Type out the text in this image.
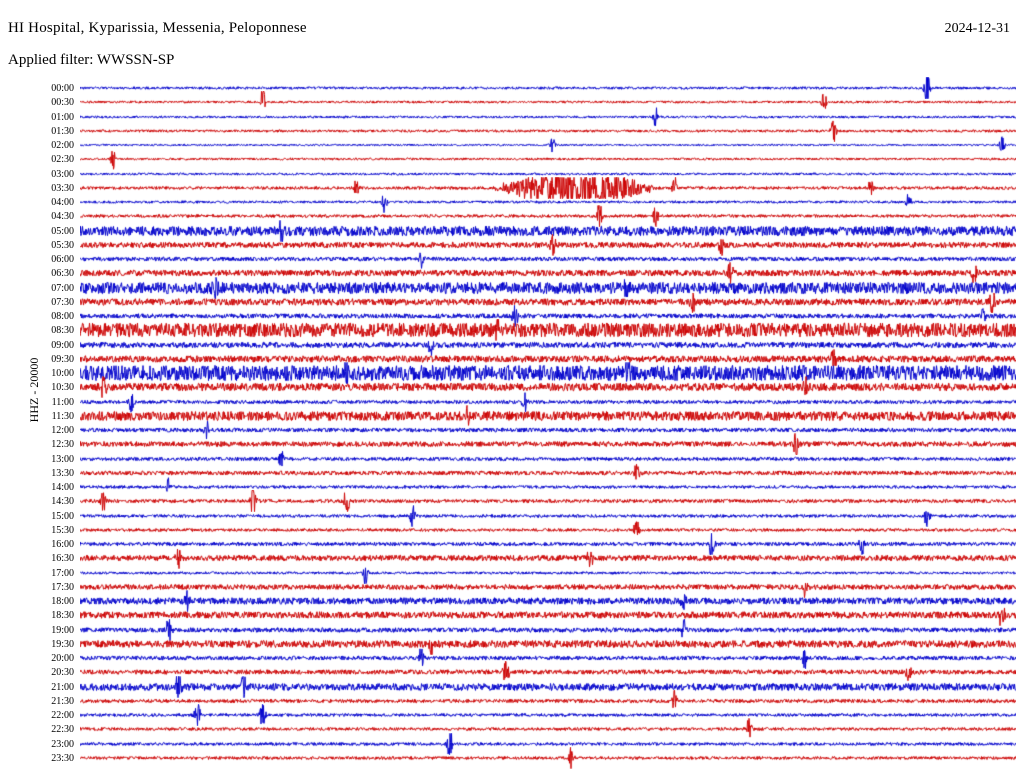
HI Hospital, Kyparissia, Messenia, Peloponnese	2024-12-31
Applied filter: WWSSN-SP
HHZ - 20000
00:00
00:30
01:00
01:30
02:00
02:30
03:00
03:30
04:00
04:30
05:00
05:30
06:00
06:30
07:00
07:30
08:00
08:30
09:00
09:30
10:00
10:30
11:00
11:30
12:00
12:30
13:00
13:30
14:00
14:30
15:00
15:30
16:00
16:30
17:00
17:30
18:00
18:30
19:00
19:30
20:00
20:30
21:00
21:30
22:00
22:30
23:00
23:30
